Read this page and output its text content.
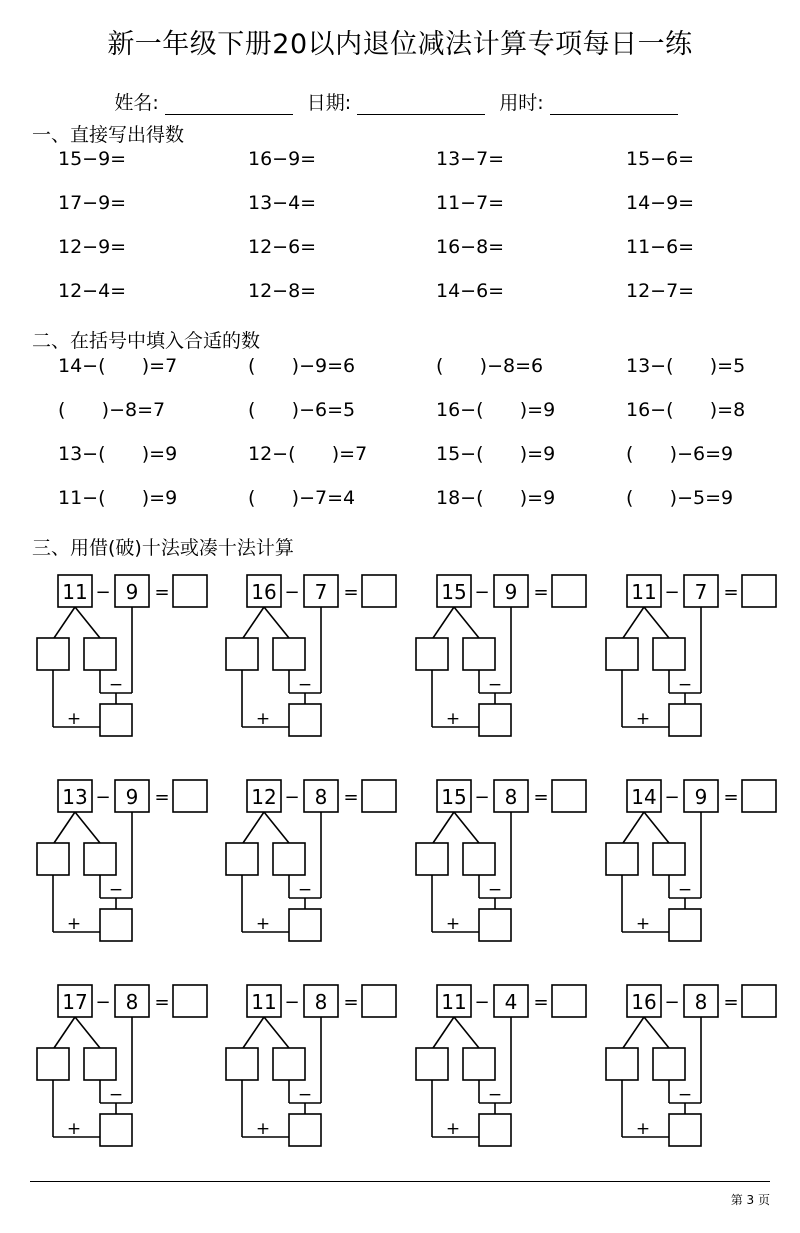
新一年级下册20以内退位减法计算专项每日一练
姓名:	日期:	用时:
一、直接写出得数
15−9=	16−9=	13−7=	15−6=
17−9=	13−4=	11−7=	14−9=
12−9=	12−6=	16−8=	11−6=
12−4=	12−8=	14−6=	12−7=
二、在括号中填入合适的数
14−(      )=7	(      )−9=6	(      )−8=6	13−(      )=5
(      )−8=7	(      )−6=5	16−(      )=9	16−(      )=8
13−(      )=9	12−(      )=7	15−(      )=9	(      )−6=9
11−(      )=9	(      )−7=4	18−(      )=9	(      )−5=9
三、用借(破)十法或凑十法计算
11 − 9 =
−
+
16 − 7 =
−
+
15 − 9 =
−
+
11 − 7 =
−
+
13 − 9 =
−
+
12 − 8 =
−
+
15 − 8 =
−
+
14 − 9 =
−
+
17 − 8 =
−
+
11 − 8 =
−
+
11 − 4 =
−
+
16 − 8 =
−
+
第 3 页
